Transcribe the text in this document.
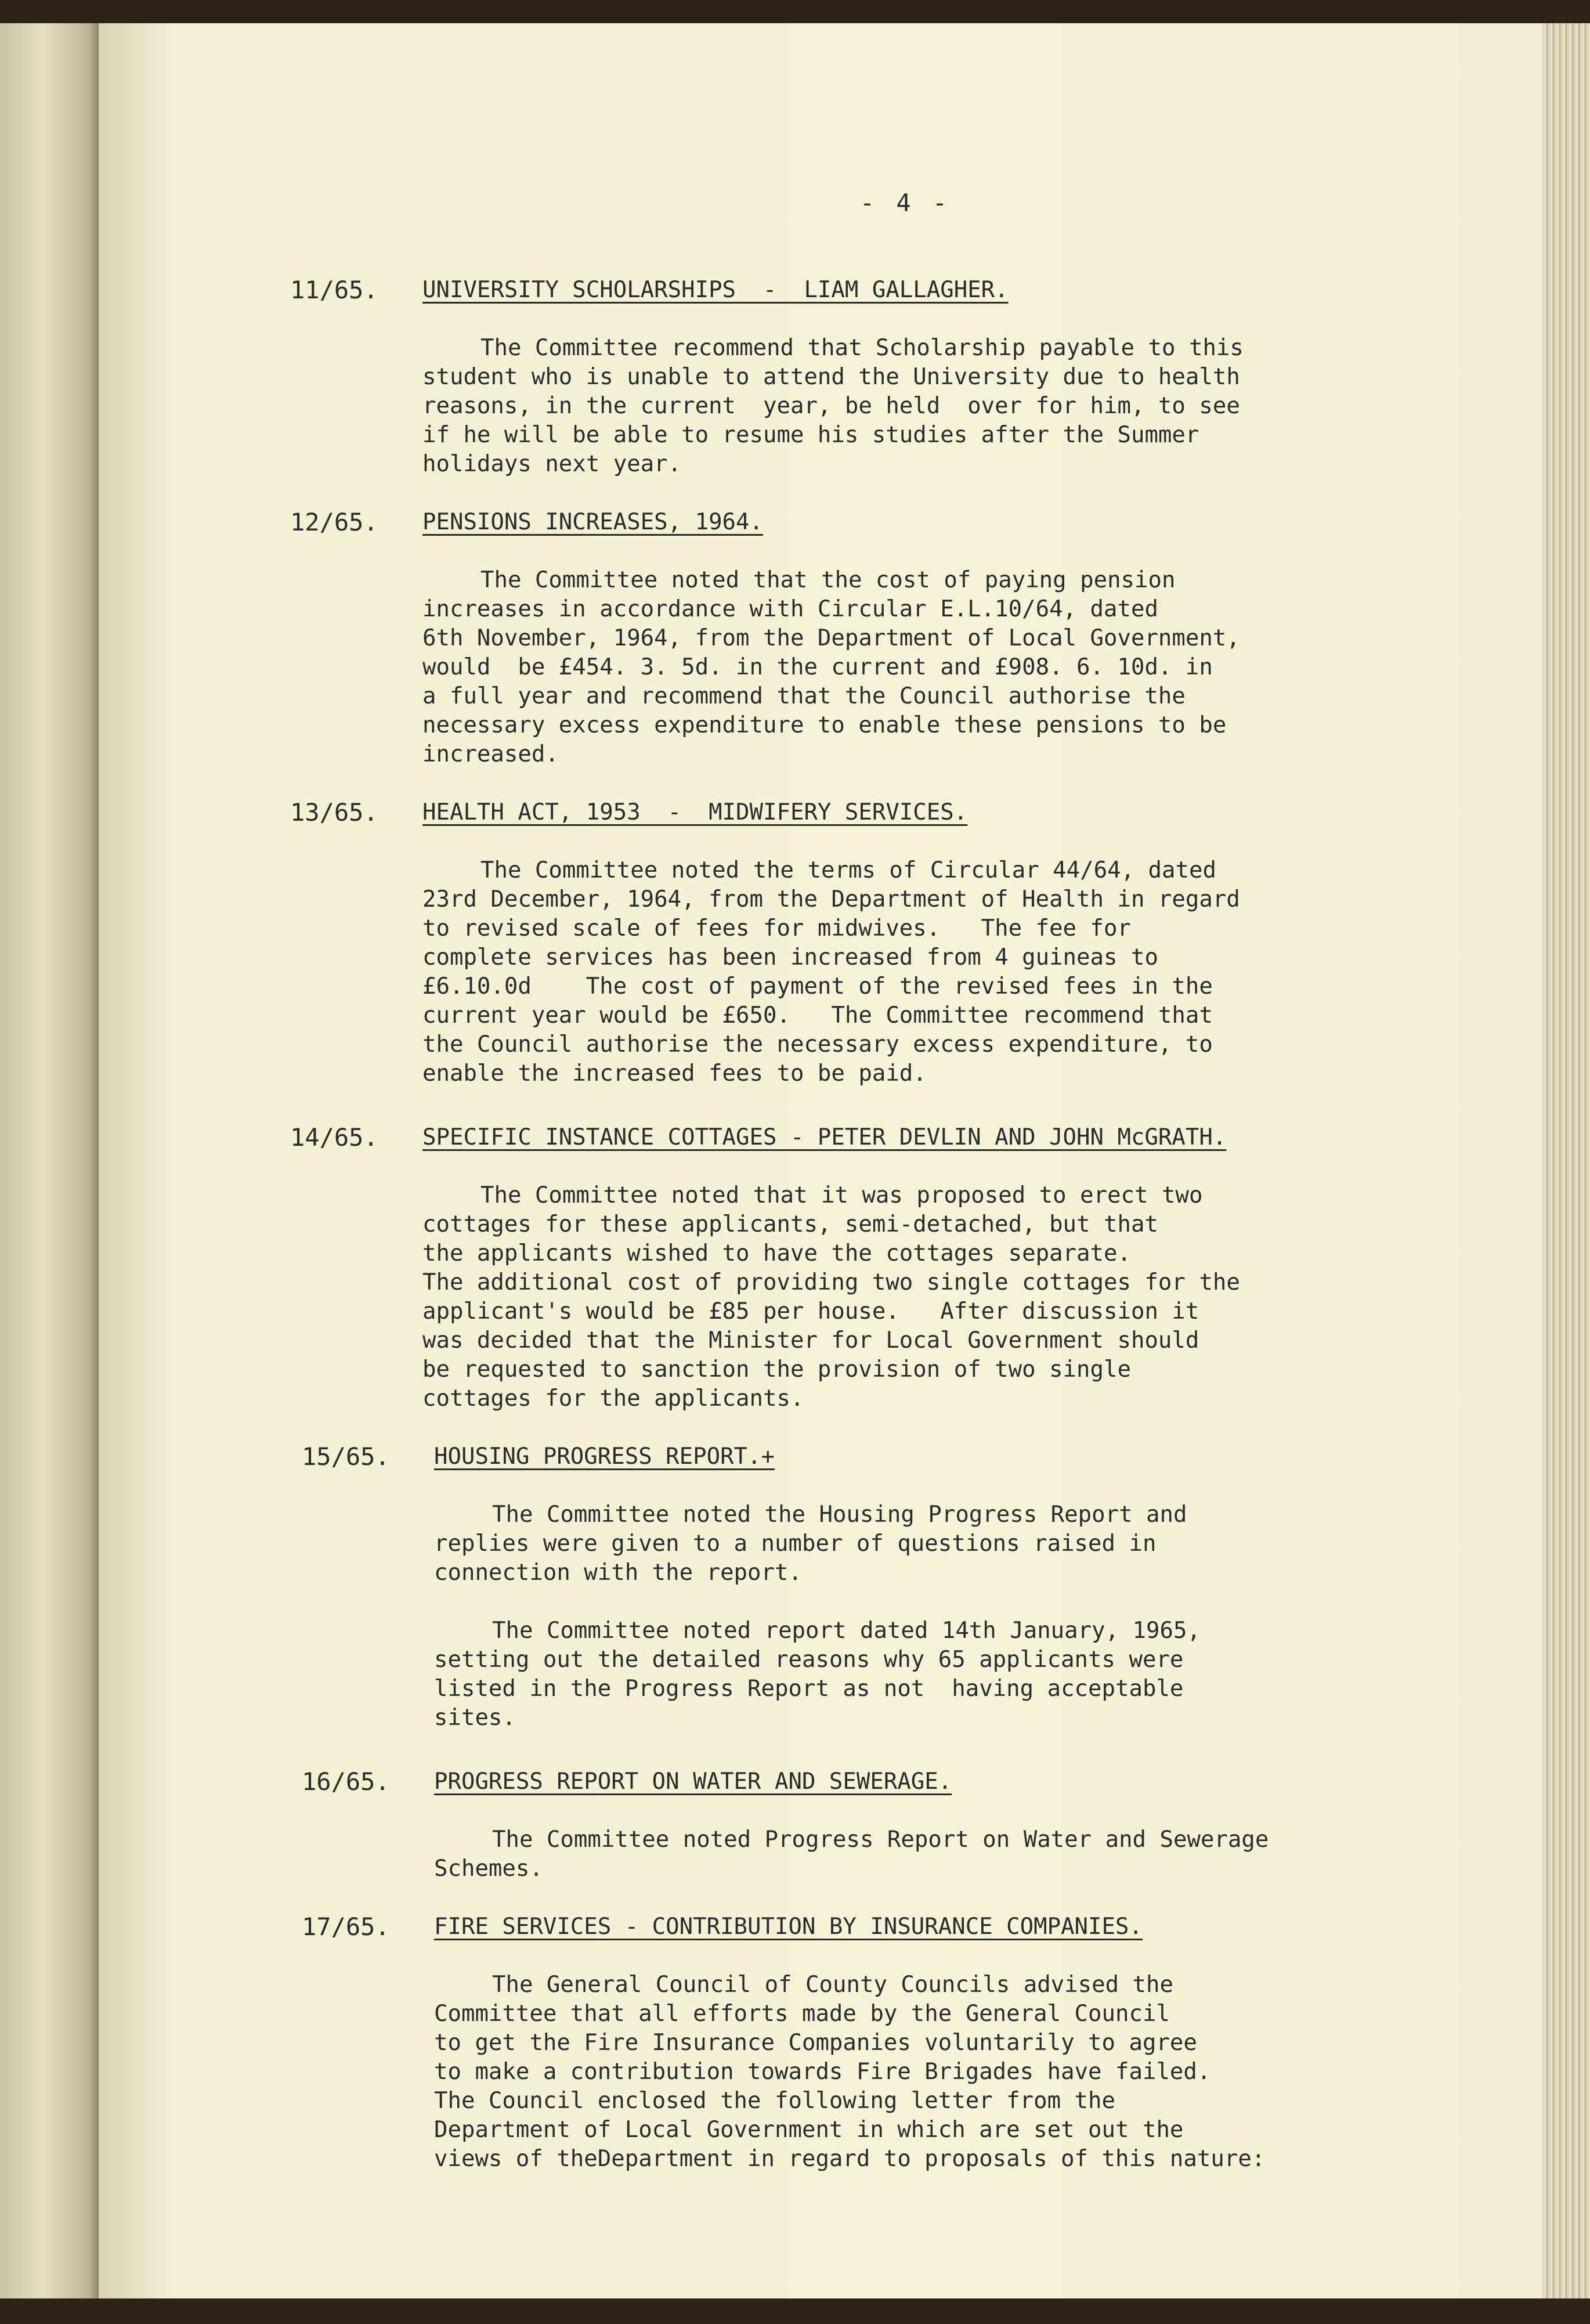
- 4 -
11/65. UNIVERSITY SCHOLARSHIPS  -  LIAM GALLAGHER.
The Committee recommend that Scholarship payable to this
student who is unable to attend the University due to health
reasons, in the current  year, be held  over for him, to see
if he will be able to resume his studies after the Summer
holidays next year.
12/65. PENSIONS INCREASES, 1964.
The Committee noted that the cost of paying pension
increases in accordance with Circular E.L.10/64, dated
6th November, 1964, from the Department of Local Government,
would  be £454. 3. 5d. in the current and £908. 6. 10d. in
a full year and recommend that the Council authorise the
necessary excess expenditure to enable these pensions to be
increased.
13/65. HEALTH ACT, 1953  -  MIDWIFERY SERVICES.
The Committee noted the terms of Circular 44/64, dated
23rd December, 1964, from the Department of Health in regard
to revised scale of fees for midwives.   The fee for
complete services has been increased from 4 guineas to
£6.10.0d    The cost of payment of the revised fees in the
current year would be £650.   The Committee recommend that
the Council authorise the necessary excess expenditure, to
enable the increased fees to be paid.
14/65. SPECIFIC INSTANCE COTTAGES - PETER DEVLIN AND JOHN McGRATH.
The Committee noted that it was proposed to erect two
cottages for these applicants, semi-detached, but that
the applicants wished to have the cottages separate.
The additional cost of providing two single cottages for the
applicant's would be £85 per house.   After discussion it
was decided that the Minister for Local Government should
be requested to sanction the provision of two single
cottages for the applicants.
15/65. HOUSING PROGRESS REPORT.+
The Committee noted the Housing Progress Report and
replies were given to a number of questions raised in
connection with the report.
The Committee noted report dated 14th January, 1965,
setting out the detailed reasons why 65 applicants were
listed in the Progress Report as not  having acceptable
sites.
16/65. PROGRESS REPORT ON WATER AND SEWERAGE.
The Committee noted Progress Report on Water and Sewerage
Schemes.
17/65. FIRE SERVICES - CONTRIBUTION BY INSURANCE COMPANIES.
The General Council of County Councils advised the
Committee that all efforts made by the General Council
to get the Fire Insurance Companies voluntarily to agree
to make a contribution towards Fire Brigades have failed.
The Council enclosed the following letter from the
Department of Local Government in which are set out the
views of theDepartment in regard to proposals of this nature:
